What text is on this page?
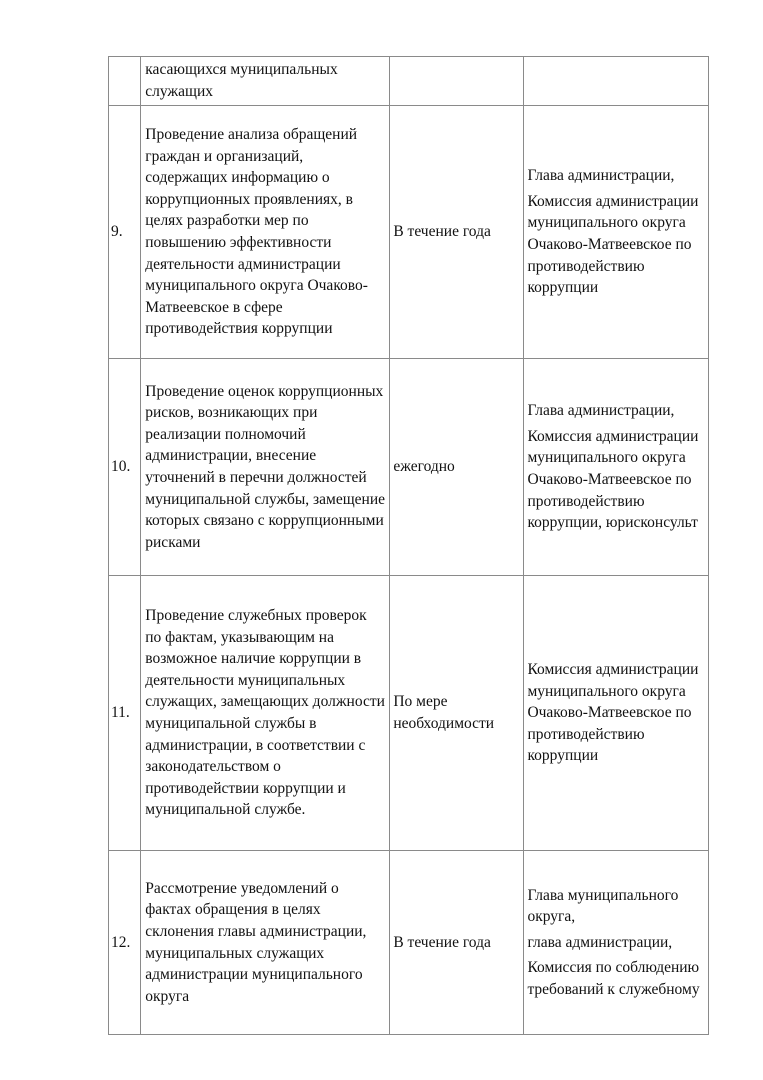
	касающихся муниципальных служащих		
9.	Проведение анализа обращений граждан и организаций, содержащих информацию о коррупционных проявлениях, в целях разработки мер по повышению эффективности деятельности администрации муниципального округа Очаково-Матвеевское в сфере противодействия коррупции	В течение года	Глава администрации,

Комиссия администрации муниципального округа Очаково-Матвеевское по противодействию коррупции

10.	Проведение оценок коррупционных рисков, возникающих при реализации полномочий администрации, внесение уточнений в перечни должностей муниципальной службы, замещение которых связано с коррупционными рисками	ежегодно	Глава администрации,

Комиссия администрации муниципального округа Очаково-Матвеевское по противодействию коррупции, юрисконсульт

11.	Проведение служебных проверок по фактам, указывающим на возможное наличие коррупции в деятельности муниципальных служащих, замещающих должности муниципальной службы в администрации, в соответствии с законодательством о противодействии коррупции и муниципальной службе.	По мере необходимости	Комиссия администрации муниципального округа Очаково-Матвеевское по противодействию коррупции

12.	Рассмотрение уведомлений о фактах обращения в целях склонения главы администрации, муниципальных служащих администрации муниципального округа	В течение года	Глава муниципального округа,

глава администрации,

Комиссия по соблюдению требований к служебному
